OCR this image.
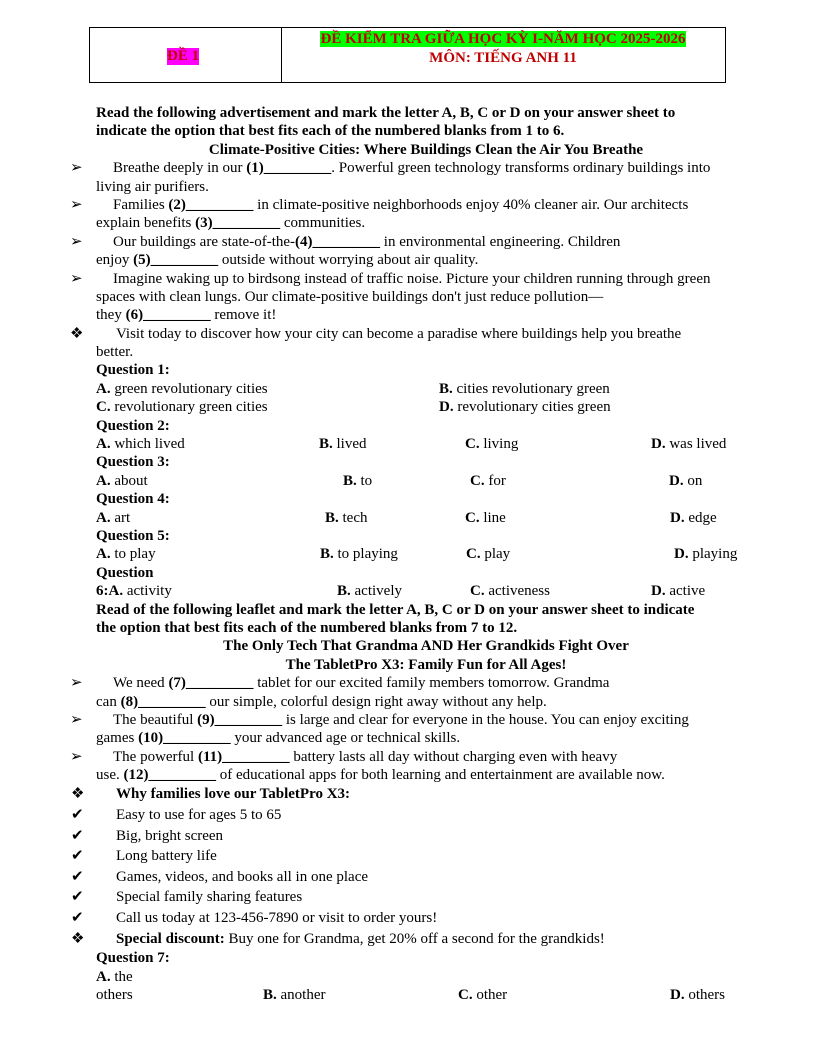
ĐỀ 1
ĐỀ KIỂM TRA GIỮA HỌC KỲ I-NĂM HỌC 2025-2026
MÔN: TIẾNG ANH 11
Read the following advertisement and mark the letter A, B, C or D on your answer sheet to
indicate the option that best fits each of the numbered blanks from 1 to 6.
Climate-Positive Cities: Where Buildings Clean the Air You Breathe
➢ Breathe deeply in our (1)_________. Powerful green technology transforms ordinary buildings into
living air purifiers.
➢ Families (2)_________ in climate-positive neighborhoods enjoy 40% cleaner air. Our architects
explain benefits (3)_________ communities.
➢ Our buildings are state-of-the-(4)_________ in environmental engineering. Children
enjoy (5)_________ outside without worrying about air quality.
➢ Imagine waking up to birdsong instead of traffic noise. Picture your children running through green
spaces with clean lungs. Our climate-positive buildings don't just reduce pollution—
they (6)_________ remove it!
❖ Visit today to discover how your city can become a paradise where buildings help you breathe
better.
Question 1:
A. green revolutionary cities	B. cities revolutionary green
C. revolutionary green cities	D. revolutionary cities green
Question 2:
A. which lived	B. lived	C. living	D. was lived
Question 3:
A. about	B. to	C. for	D. on
Question 4:
A. art	B. tech	C. line	D. edge
Question 5:
A. to play	B. to playing	C. play	D. playing
Question
6:A. activity	B. actively	C. activeness	D. active
Read of the following leaflet and mark the letter A, B, C or D on your answer sheet to indicate
the option that best fits each of the numbered blanks from 7 to 12.
The Only Tech That Grandma AND Her Grandkids Fight Over
The TabletPro X3: Family Fun for All Ages!
➢ We need (7)_________ tablet for our excited family members tomorrow. Grandma
can (8)_________ our simple, colorful design right away without any help.
➢ The beautiful (9)_________ is large and clear for everyone in the house. You can enjoy exciting
games (10)_________ your advanced age or technical skills.
➢ The powerful (11)_________ battery lasts all day without charging even with heavy
use. (12)_________ of educational apps for both learning and entertainment are available now.
❖ Why families love our TabletPro X3:
✔ Easy to use for ages 5 to 65
✔ Big, bright screen
✔ Long battery life
✔ Games, videos, and books all in one place
✔ Special family sharing features
✔ Call us today at 123-456-7890 or visit to order yours!
❖ Special discount: Buy one for Grandma, get 20% off a second for the grandkids!
Question 7:
A. the
others	B. another	C. other	D. others
